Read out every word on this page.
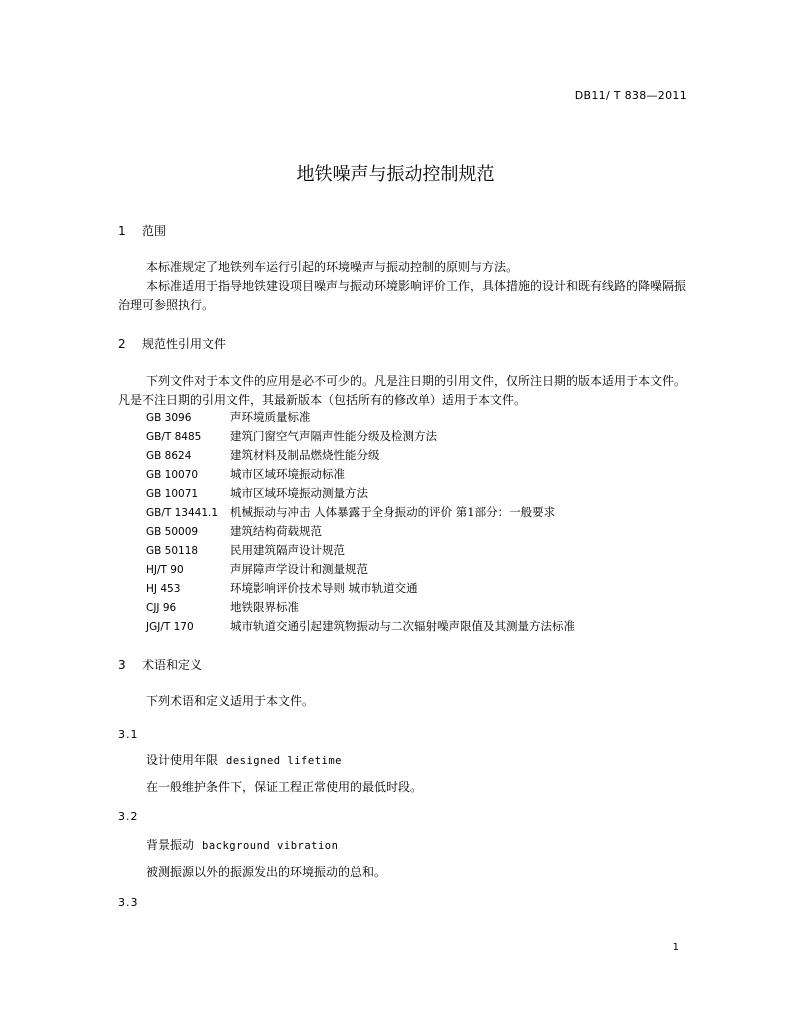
DB11/ T 838—2011
地铁噪声与振动控制规范
1 范围
本标准规定了地铁列车运行引起的环境噪声与振动控制的原则与方法。
本标准适用于指导地铁建设项目噪声与振动环境影响评价工作，具体措施的设计和既有线路的降噪隔振治理可参照执行。
2 规范性引用文件
下列文件对于本文件的应用是必不可少的。凡是注日期的引用文件，仅所注日期的版本适用于本文件。凡是不注日期的引用文件，其最新版本（包括所有的修改单）适用于本文件。
GB 3096	声环境质量标准
GB/T 8485 建筑门窗空气声隔声性能分级及检测方法
GB 8624	建筑材料及制品燃烧性能分级
GB 10070	城市区域环境振动标准
GB 10071	城市区域环境振动测量方法
GB/T 13441.1 机械振动与冲击 人体暴露于全身振动的评价 第1部分：一般要求
GB 50009	建筑结构荷载规范
GB 50118	民用建筑隔声设计规范
HJ/T 90	声屏障声学设计和测量规范
HJ 453	环境影响评价技术导则 城市轨道交通
CJJ 96	地铁限界标准
JGJ/T 170	城市轨道交通引起建筑物振动与二次辐射噪声限值及其测量方法标准
3 术语和定义
下列术语和定义适用于本文件。
3.1
设计使用年限 designed lifetime
在一般维护条件下，保证工程正常使用的最低时段。
3.2
背景振动 background vibration
被测振源以外的振源发出的环境振动的总和。
3.3
1
